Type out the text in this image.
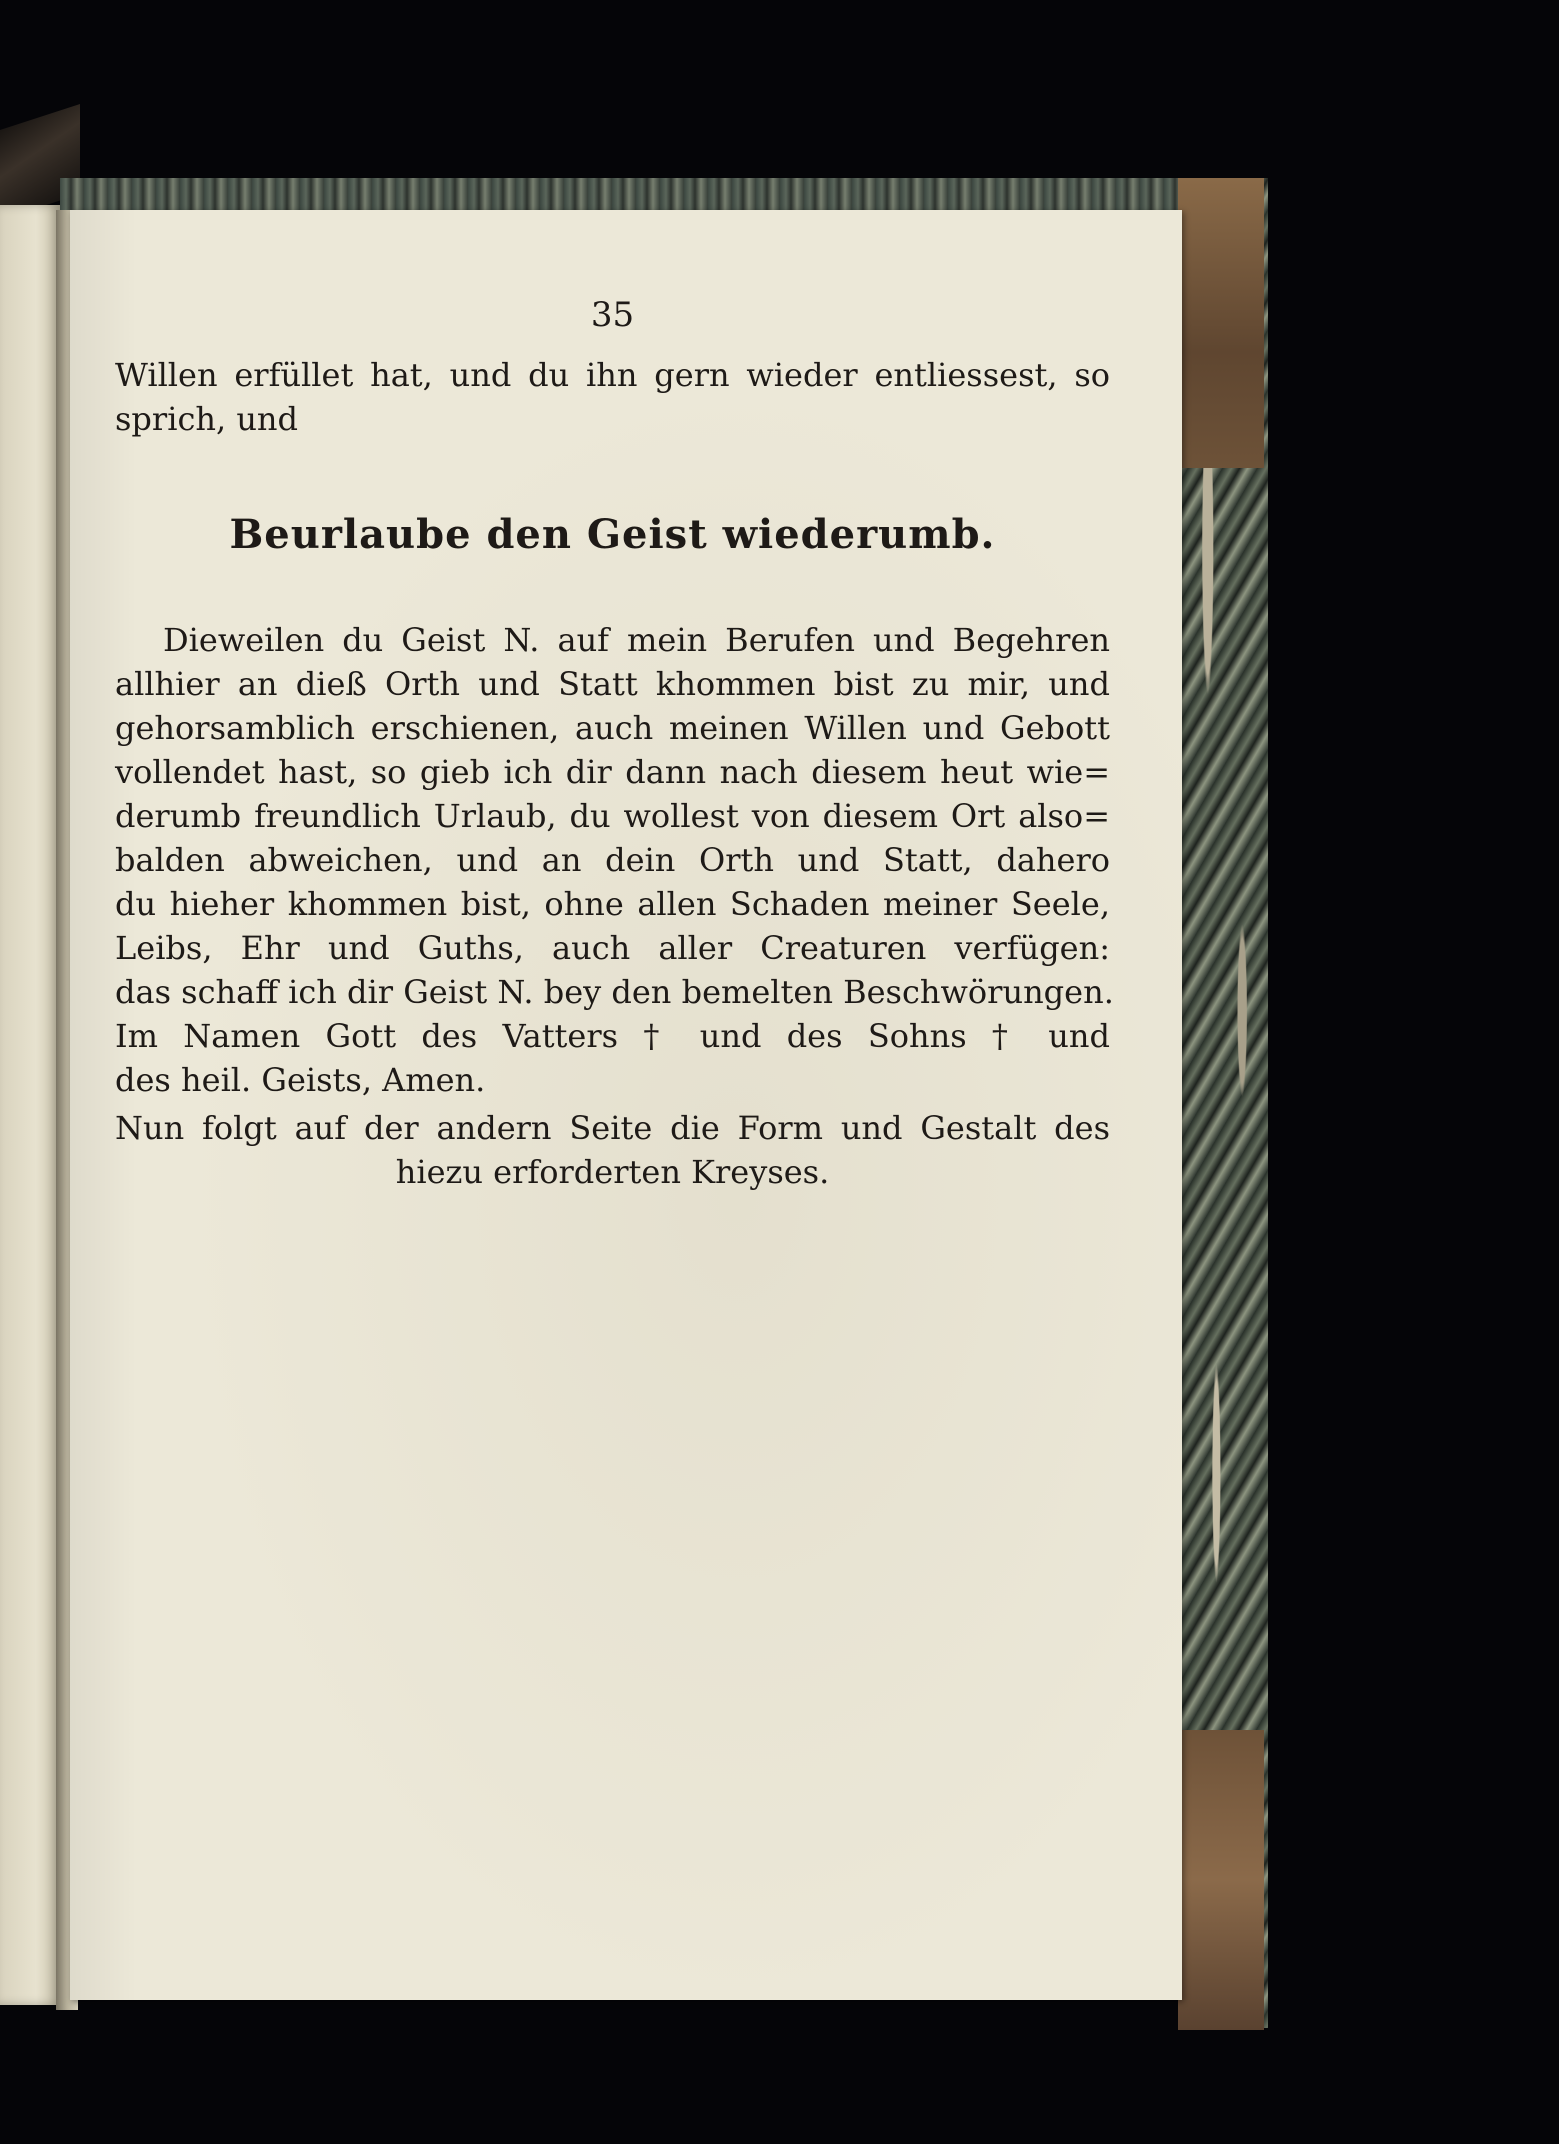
35
Willen erfüllet hat, und du ihn gern wieder entliessest, so
sprich, und
Beurlaube den Geist wiederumb.
Dieweilen du Geist N. auf mein Berufen und Begehren
allhier an dieß Orth und Statt khommen bist zu mir, und
gehorsamblich erschienen, auch meinen Willen und Gebott
vollendet hast, so gieb ich dir dann nach diesem heut wie=
derumb freundlich Urlaub, du wollest von diesem Ort also=
balden abweichen, und an dein Orth und Statt, dahero
du hieher khommen bist, ohne allen Schaden meiner Seele,
Leibs, Ehr und Guths, auch aller Creaturen verfügen:
das schaff ich dir Geist N. bey den bemelten Beschwörungen.
Im Namen Gott des Vatters † und des Sohns † und
des heil. Geists, Amen.
Nun folgt auf der andern Seite die Form und Gestalt des
hiezu erforderten Kreyses.
